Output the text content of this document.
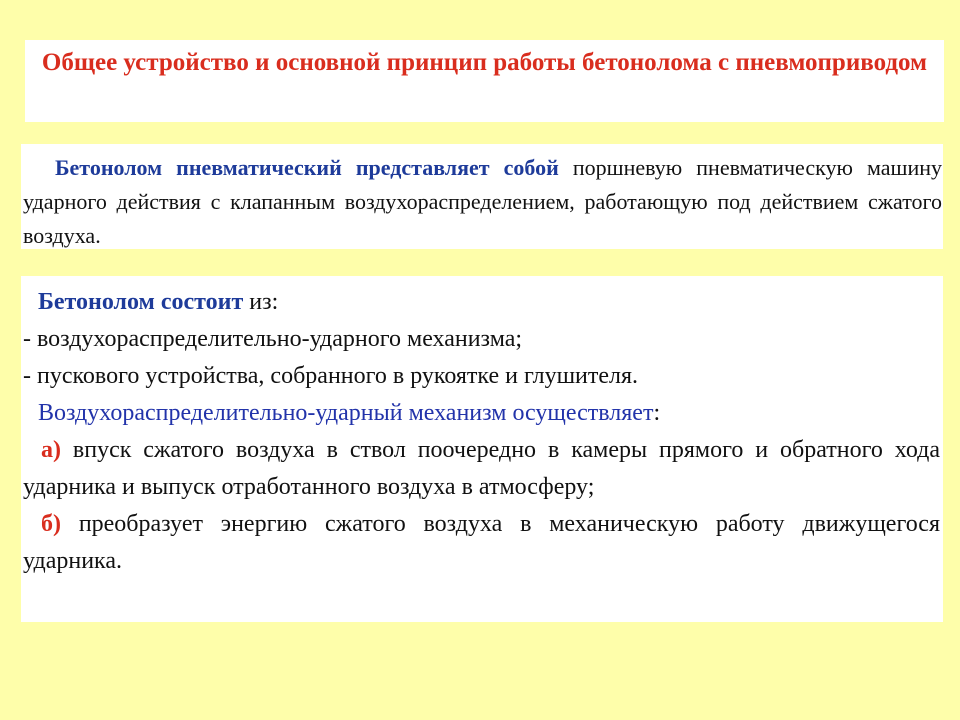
Общее устройство и основной принцип работы бетонолома с пневмоприводом

Бетонолом пневматический представляет собой поршневую пневматическую машину ударного действия с клапанным воздухораспределением, работающую под действием сжатого воздуха.

Бетонолом состоит из:

- воздухораспределительно-ударного механизма;

- пускового устройства, собранного в рукоятке и глушителя.

Воздухораспределительно-ударный механизм осуществляет:

а) впуск сжатого воздуха в ствол поочередно в камеры прямого и обратного хода ударника и выпуск отработанного воздуха в атмосферу;

б) преобразует энергию сжатого воздуха в механическую работу движущегося ударника.
